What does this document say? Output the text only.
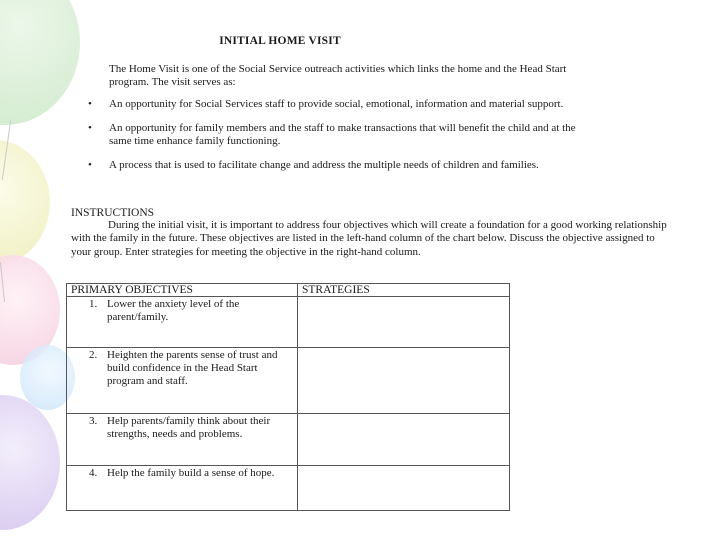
INITIAL HOME VISIT
The Home Visit is one of the Social Service outreach activities which links the home and the Head Start program. The visit serves as:
• An opportunity for Social Services staff to provide social, emotional, information and material support.
• An opportunity for family members and the staff to make transactions that will benefit the child and at the same time enhance family functioning.
• A process that is used to facilitate change and address the multiple needs of children and families.
INSTRUCTIONS
During the initial visit, it is important to address four objectives which will create a foundation for a good working relationship with the family in the future. These objectives are listed in the left-hand column of the chart below. Discuss the objective assigned to your group. Enter strategies for meeting the objective in the right-hand column.
PRIMARY OBJECTIVES	STRATEGIES

1. Lower the anxiety level of the parent/family.	

2. Heighten the parents sense of trust and build confidence in the Head Start program and staff.	

3. Help parents/family think about their strengths, needs and problems.	

4. Help the family build a sense of hope.	
